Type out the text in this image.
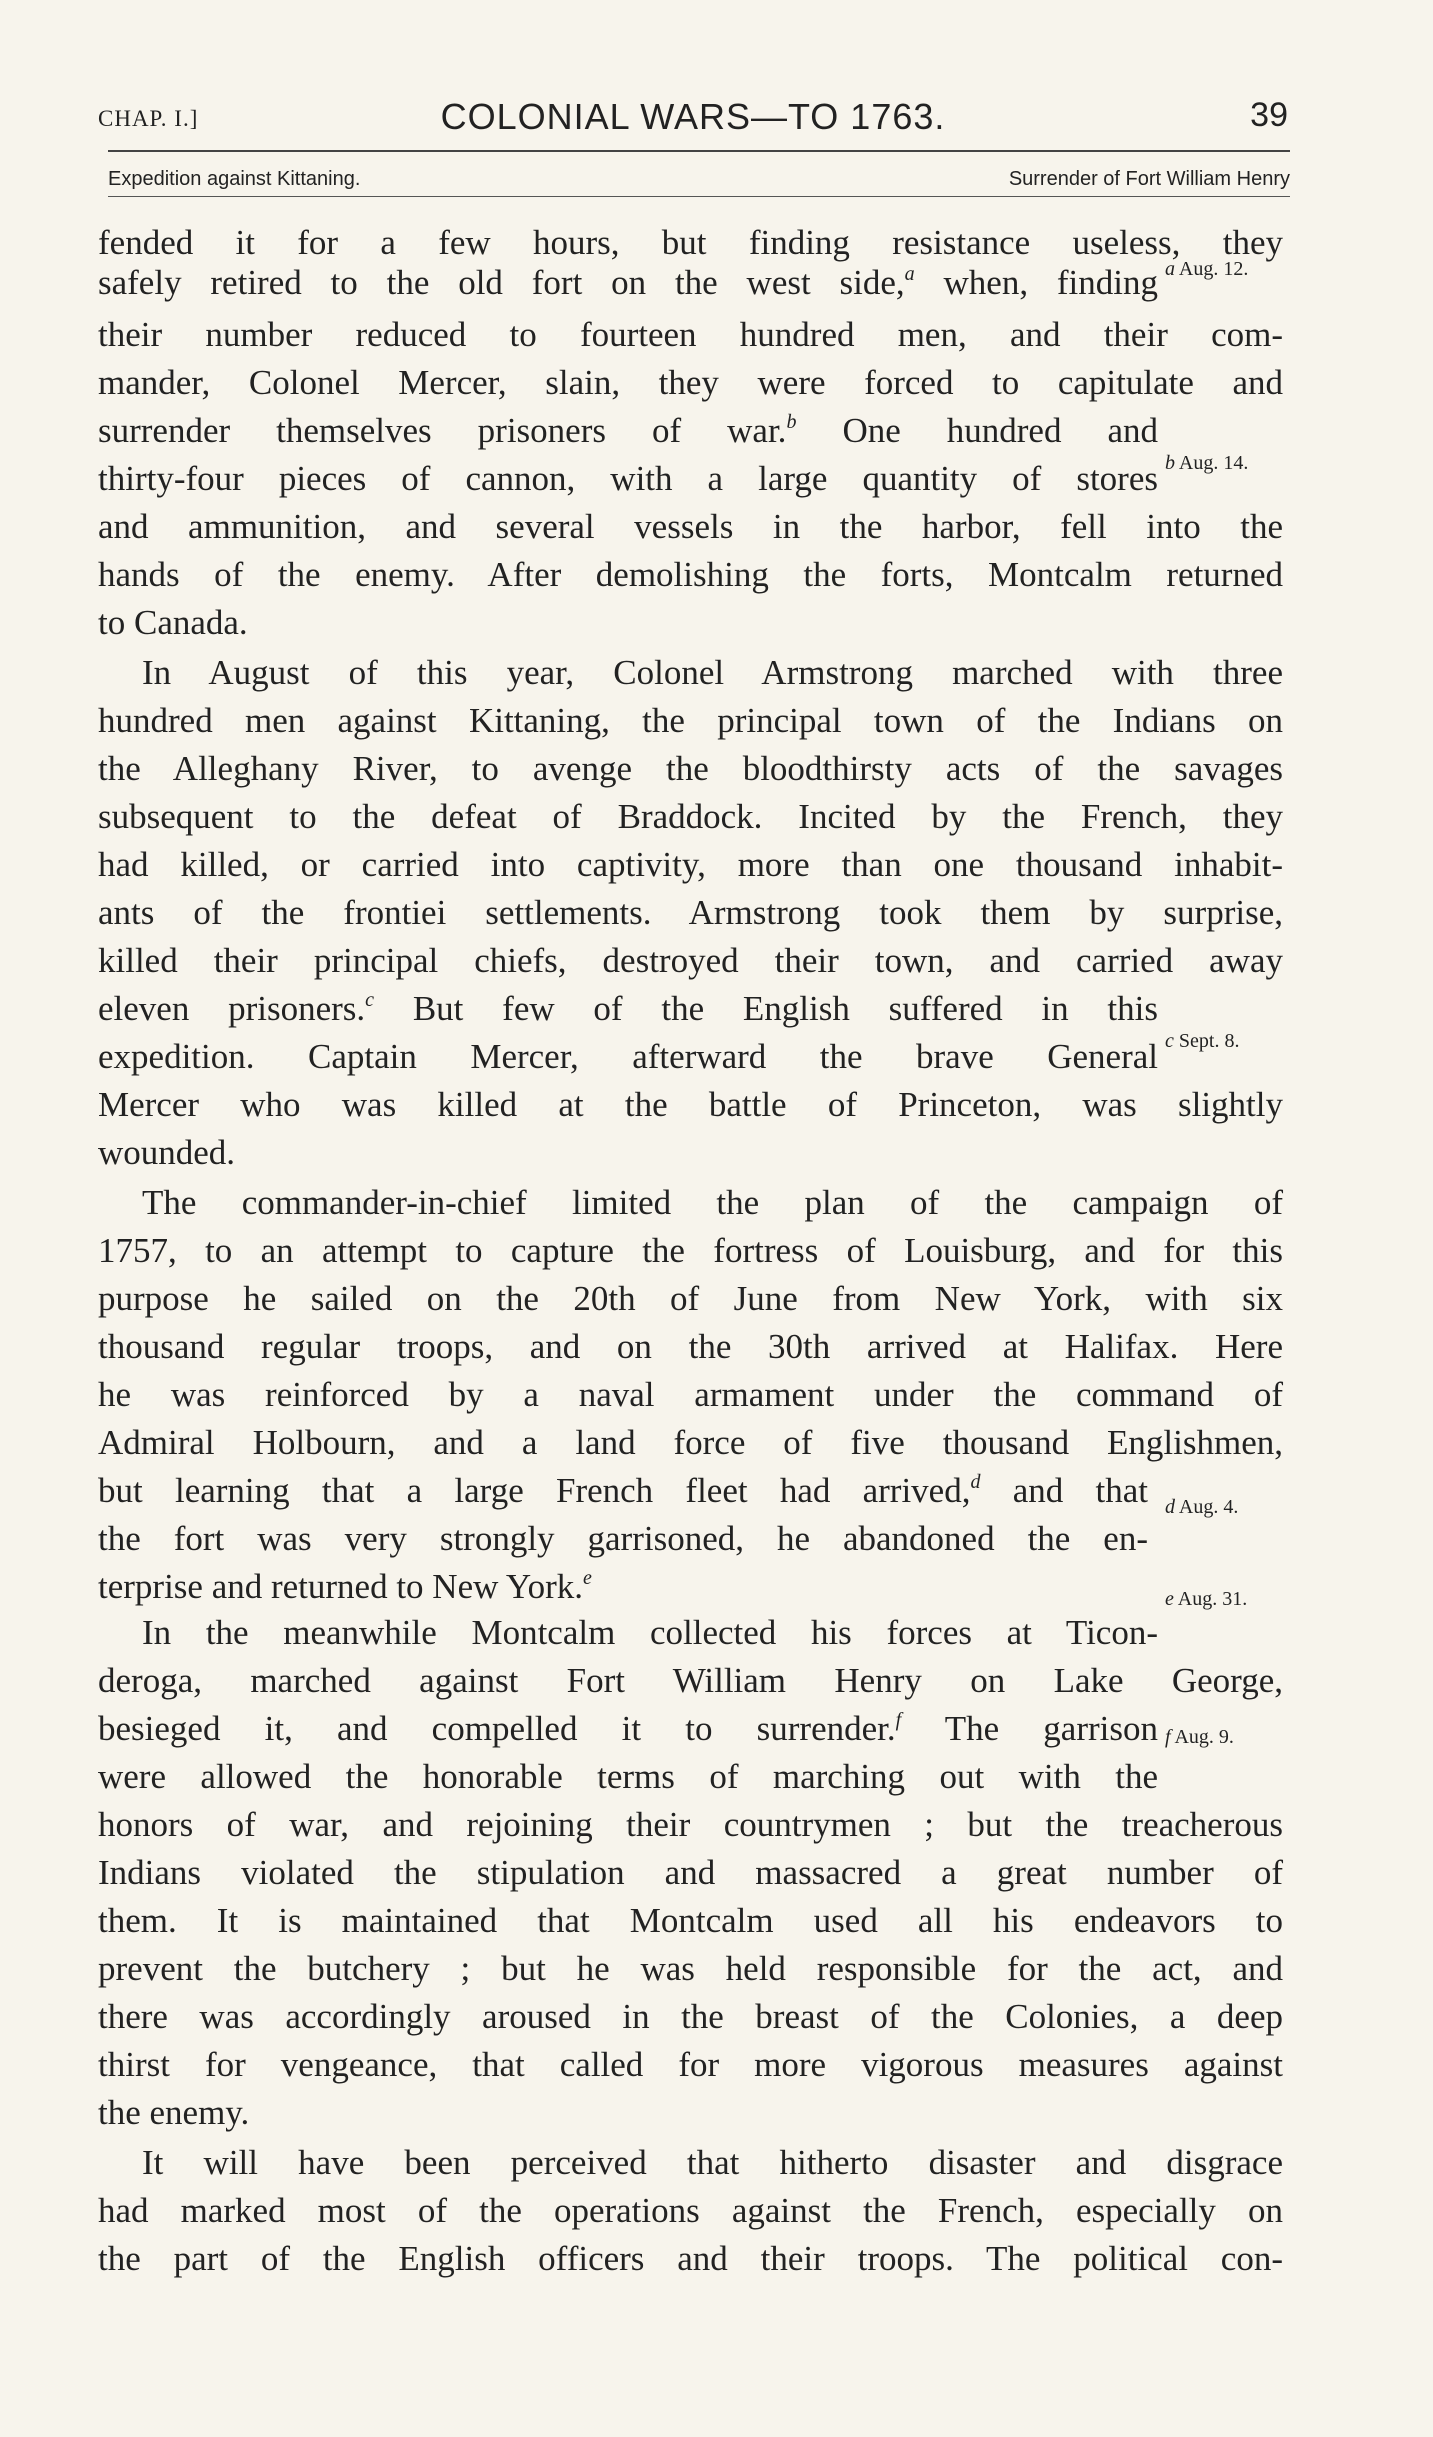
CHAP. I.]	COLONIAL WARS—TO 1763.	39
Expedition against Kittaning.	Surrender of Fort William Henry
fended it for a few hours, but finding resistance useless, they
safely retired to the old fort on the west side,$^a$ when, finding
their number reduced to fourteen hundred men, and their com-
mander, Colonel Mercer, slain, they were forced to capitulate and
surrender themselves prisoners of war.$^b$ One hundred and
thirty-four pieces of cannon, with a large quantity of stores
and ammunition, and several vessels in the harbor, fell into the
hands of the enemy. After demolishing the forts, Montcalm returned
to Canada.
In August of this year, Colonel Armstrong marched with three
hundred men against Kittaning, the principal town of the Indians on
the Alleghany River, to avenge the bloodthirsty acts of the savages
subsequent to the defeat of Braddock. Incited by the French, they
had killed, or carried into captivity, more than one thousand inhabit-
ants of the frontiei settlements. Armstrong took them by surprise,
killed their principal chiefs, destroyed their town, and carried away
eleven prisoners.$^c$ But few of the English suffered in this
expedition. Captain Mercer, afterward the brave General
Mercer who was killed at the battle of Princeton, was slightly
wounded.
The commander-in-chief limited the plan of the campaign of
1757, to an attempt to capture the fortress of Louisburg, and for this
purpose he sailed on the 20th of June from New York, with six
thousand regular troops, and on the 30th arrived at Halifax. Here
he was reinforced by a naval armament under the command of
Admiral Holbourn, and a land force of five thousand Englishmen,
but learning that a large French fleet had arrived,$^d$ and that
the fort was very strongly garrisoned, he abandoned the en-
terprise and returned to New York.$^e$
In the meanwhile Montcalm collected his forces at Ticon-
deroga, marched against Fort William Henry on Lake George,
besieged it, and compelled it to surrender.$^f$ The garrison
were allowed the honorable terms of marching out with the
honors of war, and rejoining their countrymen ; but the treacherous
Indians violated the stipulation and massacred a great number of
them. It is maintained that Montcalm used all his endeavors to
prevent the butchery ; but he was held responsible for the act, and
there was accordingly aroused in the breast of the Colonies, a deep
thirst for vengeance, that called for more vigorous measures against
the enemy.
It will have been perceived that hitherto disaster and disgrace
had marked most of the operations against the French, especially on
the part of the English officers and their troops. The political con-
a Aug. 12.
b Aug. 14.
c Sept. 8.
d Aug. 4.
e Aug. 31.
f Aug. 9.
